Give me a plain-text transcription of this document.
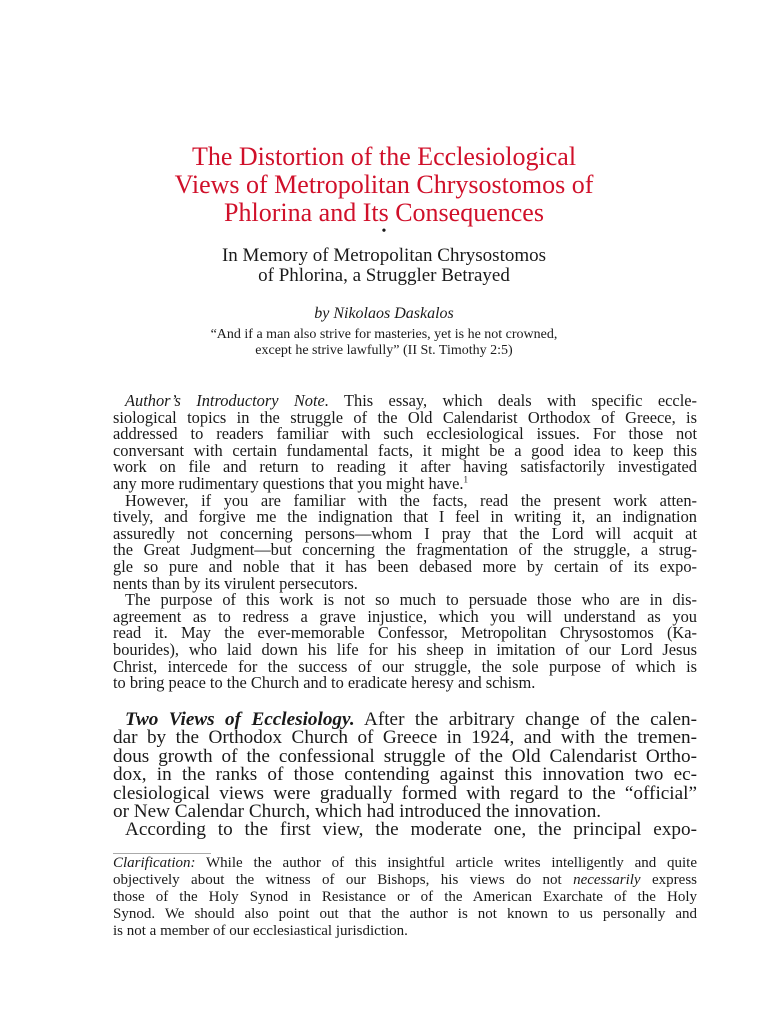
The Distortion of the Ecclesiological
Views of Metropolitan Chrysostomos of
Phlorina and Its Consequences
•
In Memory of Metropolitan Chrysostomos
of Phlorina, a Struggler Betrayed
by Nikolaos Daskalos
“And if a man also strive for masteries, yet is he not crowned,
except he strive lawfully” (II St. Timothy 2:5)
Author’s Introductory Note. This essay, which deals with specific eccle-
siological topics in the struggle of the Old Calendarist Orthodox of Greece, is
addressed to readers familiar with such ecclesiological issues. For those not
conversant with certain fundamental facts, it might be a good idea to keep this
work on file and return to reading it after having satisfactorily investigated
any more rudimentary questions that you might have.$^1$
However, if you are familiar with the facts, read the present work atten-
tively, and forgive me the indignation that I feel in writing it, an indignation
assuredly not concerning persons—whom I pray that the Lord will acquit at
the Great Judgment—but concerning the fragmentation of the struggle, a strug-
gle so pure and noble that it has been debased more by certain of its expo-
nents than by its virulent persecutors.
The purpose of this work is not so much to persuade those who are in dis-
agreement as to redress a grave injustice, which you will understand as you
read it. May the ever-memorable Confessor, Metropolitan Chrysostomos (Ka-
bourides), who laid down his life for his sheep in imitation of our Lord Jesus
Christ, intercede for the success of our struggle, the sole purpose of which is
to bring peace to the Church and to eradicate heresy and schism.
Two Views of Ecclesiology. After the arbitrary change of the calen-
dar by the Orthodox Church of Greece in 1924, and with the tremen-
dous growth of the confessional struggle of the Old Calendarist Ortho-
dox, in the ranks of those contending against this innovation two ec-
clesiological views were gradually formed with regard to the “official”
or New Calendar Church, which had introduced the innovation.
According to the first view, the moderate one, the principal expo-
Clarification: While the author of this insightful article writes intelligently and quite
objectively about the witness of our Bishops, his views do not necessarily express
those of the Holy Synod in Resistance or of the American Exarchate of the Holy
Synod. We should also point out that the author is not known to us personally and
is not a member of our ecclesiastical jurisdiction.
